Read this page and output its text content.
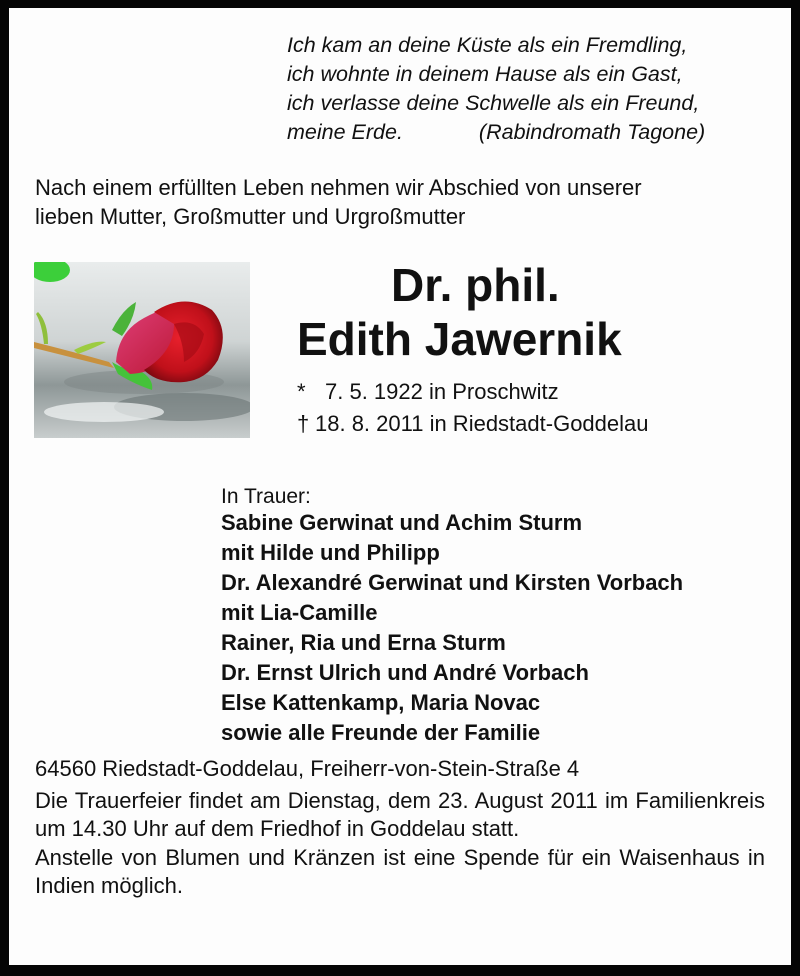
Ich kam an deine Küste als ein Fremdling,
ich wohnte in deinem Hause als ein Gast,
ich verlasse deine Schwelle als ein Freund,
meine Erde.	(Rabindromath Tagone)
Nach einem erfüllten Leben nehmen wir Abschied von unserer
lieben Mutter, Großmutter und Urgroßmutter
Dr. phil.
Edith Jawernik
* 7. 5. 1922 in Proschwitz
† 18. 8. 2011 in Riedstadt-Goddelau
In Trauer:
Sabine Gerwinat und Achim Sturm
mit Hilde und Philipp
Dr. Alexandré Gerwinat und Kirsten Vorbach
mit Lia-Camille
Rainer, Ria und Erna Sturm
Dr. Ernst Ulrich und André Vorbach
Else Kattenkamp, Maria Novac
sowie alle Freunde der Familie

64560 Riedstadt-Goddelau, Freiherr-von-Stein-Straße 4

Die Trauerfeier findet am Dienstag, dem 23. August 2011 im Familienkreis um 14.30 Uhr auf dem Friedhof in Goddelau statt.

Anstelle von Blumen und Kränzen ist eine Spende für ein Waisenhaus in Indien möglich.
